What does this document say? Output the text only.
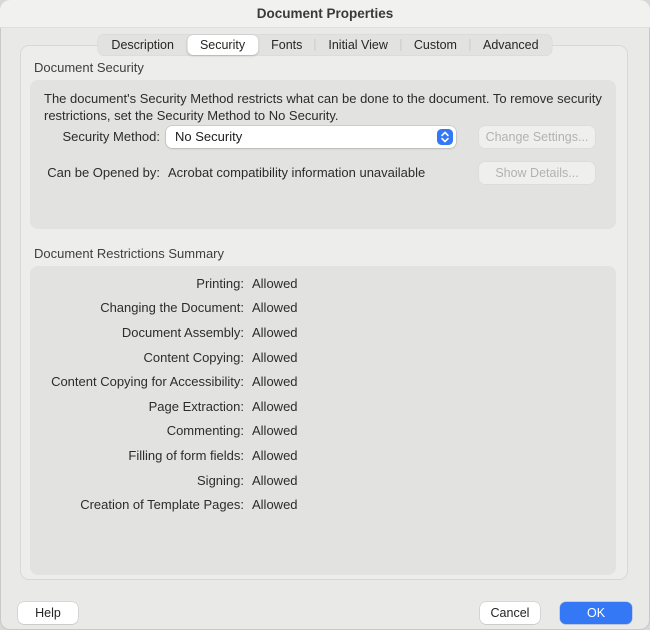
Document Properties
Description	Security	Fonts	Initial View	Custom	Advanced
Document Security
The document's Security Method restricts what can be done to the document. To remove security restrictions, set the Security Method to No Security.
Security Method: No Security	Change Settings...
Can be Opened by: Acrobat compatibility information unavailable	Show Details...
Document Restrictions Summary
Printing: Allowed
Changing the Document: Allowed
Document Assembly: Allowed
Content Copying: Allowed
Content Copying for Accessibility: Allowed
Page Extraction: Allowed
Commenting: Allowed
Filling of form fields: Allowed
Signing: Allowed
Creation of Template Pages: Allowed
Help	Cancel	OK
